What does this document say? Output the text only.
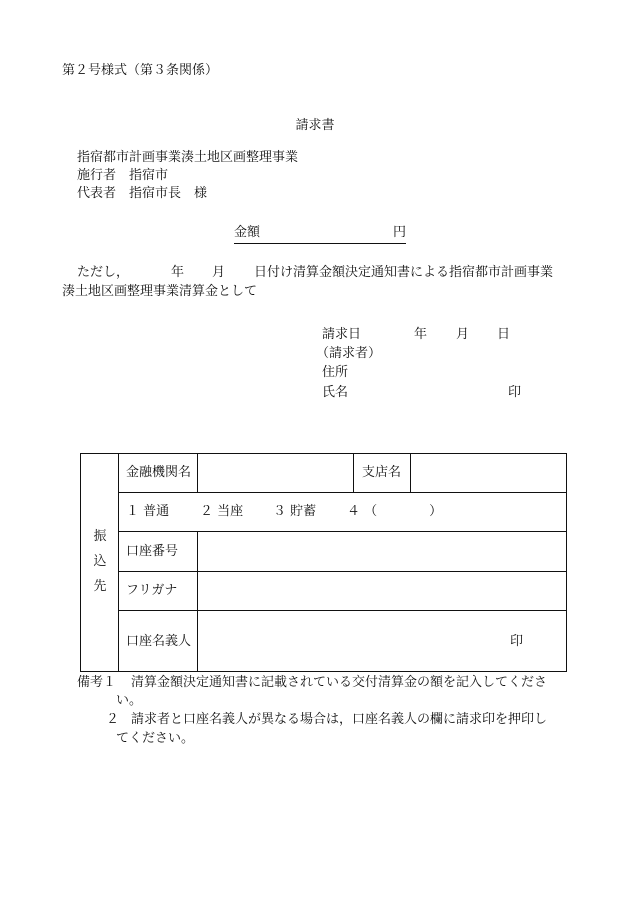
第２号様式（第３条関係）
請求書
指宿都市計画事業湊土地区画整理事業
施行者　指宿市
代表者　指宿市長　様
金額	円
ただし，	年 月 日付け清算金額決定通知書による指宿都市計画事業
湊土地区画整理事業清算金として
請求日	年 月 日
（請求者）
住所
氏名	印
振
込
先
金融機関名	支店名
１ 普通 ２ 当座 ３ 貯蓄 ４ （　　　　）
口座番号
フリガナ
口座名義人	印
備考１ 清算金額決定通知書に記載されている交付清算金の額を記入してくださ
い。
２ 請求者と口座名義人が異なる場合は，口座名義人の欄に請求印を押印し
てください。
